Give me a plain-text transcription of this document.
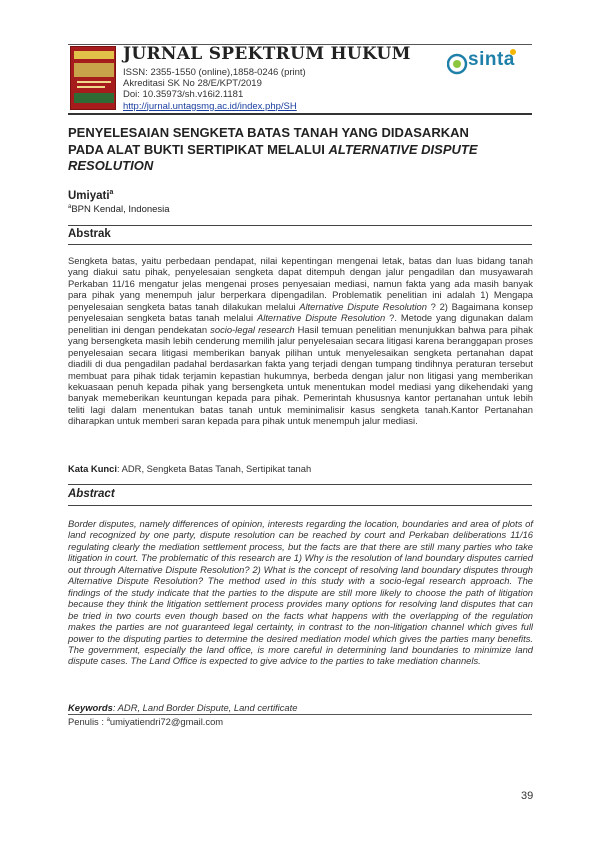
JURNAL SPEKTRUM HUKUM
ISSN: 2355-1550 (online),1858-0246 (print)
Akreditasi SK No 28/E/KPT/2019
Doi: 10.35973/sh.v16i2.1181
http://jurnal.untagsmg.ac.id/index.php/SH
sinta
PENYELESAIAN SENGKETA BATAS TANAH YANG DIDASARKAN
PADA ALAT BUKTI SERTIPIKAT MELALUI ALTERNATIVE DISPUTE
RESOLUTION
Umiyati$^a$
$^a$BPN Kendal, Indonesia
Abstrak
Sengketa batas, yaitu perbedaan pendapat, nilai kepentingan mengenai letak, batas dan luas bidang tanah yang diakui satu pihak, penyelesaian sengketa dapat ditempuh dengan jalur pengadilan dan musyawarah Perkaban 11/16 mengatur jelas mengenai proses penyesaian mediasi, namun fakta yang ada masih banyak para pihak yang menempuh jalur berperkara dipengadilan. Problematik penelitian ini adalah 1) Mengapa penyelesaian sengketa batas tanah dilakukan melalui Alternative Dispute Resolution ? 2) Bagaimana konsep penyelesaian sengketa batas tanah melalui Alternative Dispute Resolution ?. Metode yang digunakan dalam penelitian ini dengan pendekatan socio-legal research Hasil temuan penelitian menunjukkan bahwa para pihak yang bersengketa masih lebih cenderung memilih jalur penyelesaian secara litigasi karena beranggapan proses penyelesaian secara litigasi memberikan banyak pilihan untuk menyelesaikan sengketa pertanahan dapat diadili di dua pengadilan padahal berdasarkan fakta yang terjadi dengan tumpang tindihnya peraturan tersebut membuat para pihak tidak terjamin kepastian hukumnya, berbeda dengan jalur non litigasi yang memberikan kekuasaan penuh kepada pihak yang bersengketa untuk menentukan model mediasi yang dikehendaki yang banyak memeberikan keuntungan kepada para pihak. Pemerintah khususnya kantor pertanahan untuk lebih teliti lagi dalam menentukan batas tanah untuk meminimalisir kasus sengketa tanah.Kantor Pertanahan diharapkan untuk memberi saran kepada para pihak untuk menempuh jalur mediasi.
Kata Kunci: ADR, Sengketa Batas Tanah, Sertipikat tanah
Abstract
Border disputes, namely differences of opinion, interests regarding the location, boundaries and area of plots of land recognized by one party, dispute resolution can be reached by court and Perkaban deliberations 11/16 regulating clearly the mediation settlement process, but the facts are that there are still many parties who take litigation in court. The problematic of this research are 1) Why is the resolution of land boundary disputes carried out through Alternative Dispute Resolution? 2) What is the concept of resolving land boundary disputes through Alternative Dispute Resolution? The method used in this study with a socio-legal research approach. The findings of the study indicate that the parties to the dispute are still more likely to choose the path of litigation because they think the litigation settlement process provides many options for resolving land disputes that can be tried in two courts even though based on the facts what happens with the overlapping of the regulation makes the parties are not guaranteed legal certainty, in contrast to the non-litigation channel which gives full power to the disputing parties to determine the desired mediation model which gives the parties many benefits. The government, especially the land office, is more careful in determining land boundaries to minimize land dispute cases. The Land Office is expected to give advice to the parties to take mediation channels.
Keywords: ADR, Land Border Dispute, Land certificate
Penulis : $^a$umiyatiendri72@gmail.com
39
